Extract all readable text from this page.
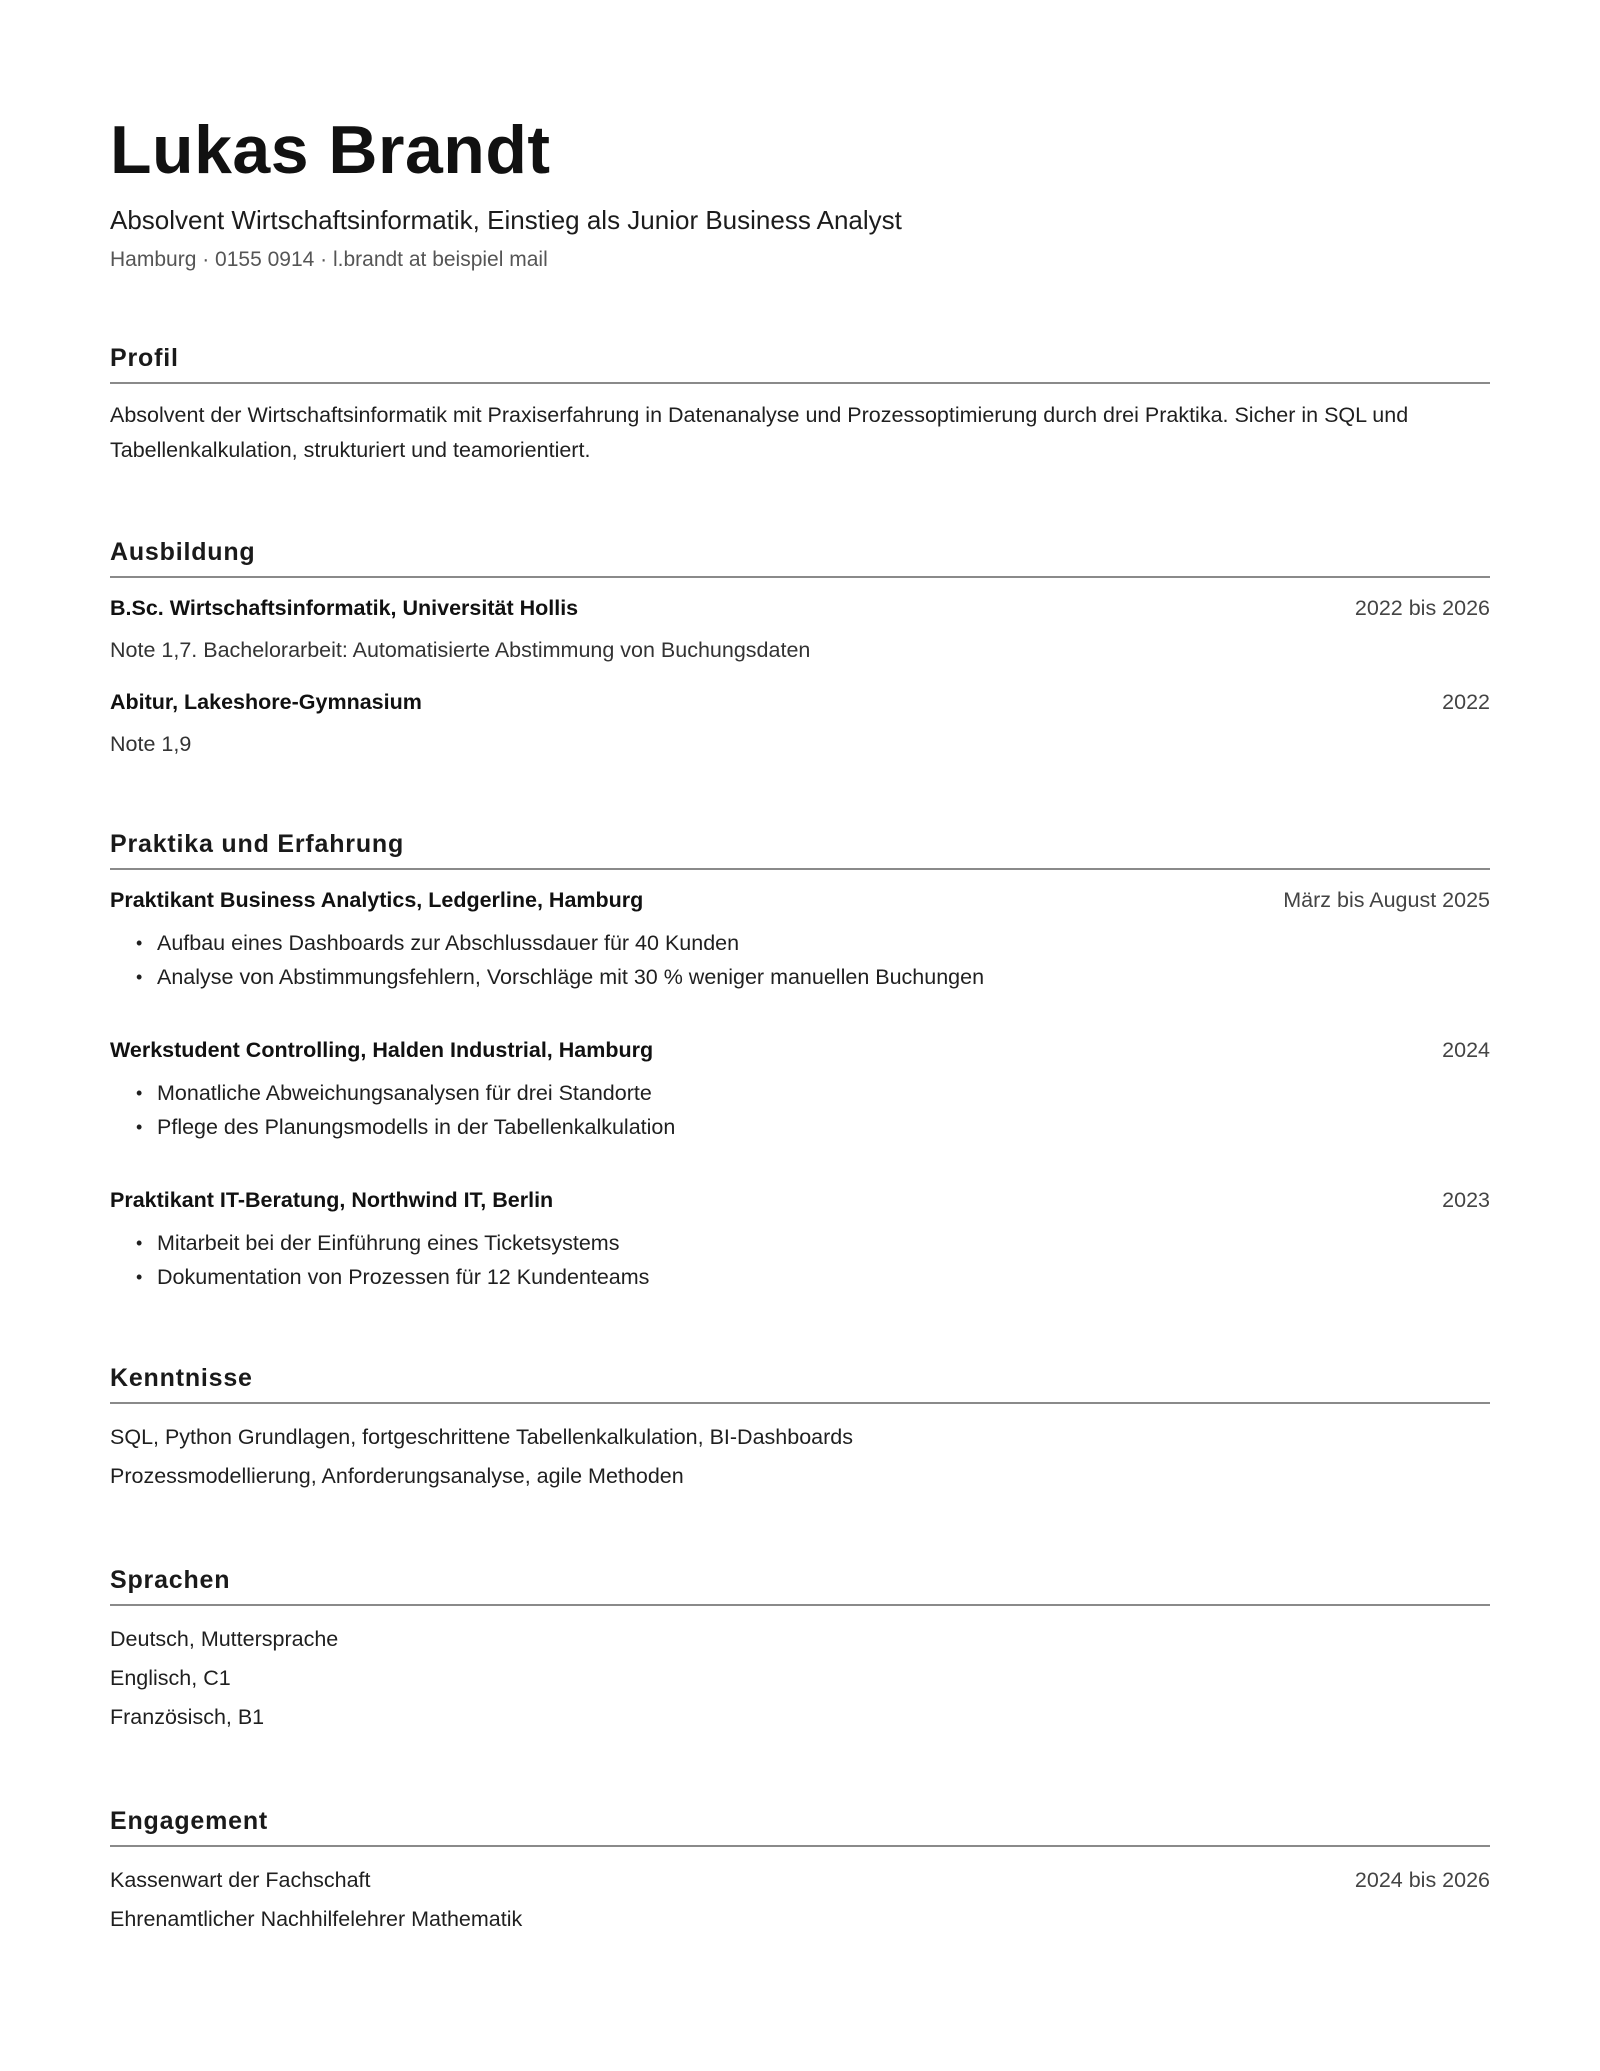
Lukas Brandt
Absolvent Wirtschaftsinformatik, Einstieg als Junior Business Analyst
Hamburg · 0155 0914 · l.brandt at beispiel mail
Profil
Absolvent der Wirtschaftsinformatik mit Praxiserfahrung in Datenanalyse und Prozessoptimierung durch drei Praktika. Sicher in SQL und Tabellenkalkulation, strukturiert und teamorientiert.
Ausbildung
B.Sc. Wirtschaftsinformatik, Universität Hollis	2022 bis 2026
Note 1,7. Bachelorarbeit: Automatisierte Abstimmung von Buchungsdaten
Abitur, Lakeshore-Gymnasium	2022
Note 1,9
Praktika und Erfahrung
Praktikant Business Analytics, Ledgerline, Hamburg	März bis August 2025
• Aufbau eines Dashboards zur Abschlussdauer für 40 Kunden
• Analyse von Abstimmungsfehlern, Vorschläge mit 30 % weniger manuellen Buchungen
Werkstudent Controlling, Halden Industrial, Hamburg	2024
• Monatliche Abweichungsanalysen für drei Standorte
• Pflege des Planungsmodells in der Tabellenkalkulation
Praktikant IT-Beratung, Northwind IT, Berlin	2023
• Mitarbeit bei der Einführung eines Ticketsystems
• Dokumentation von Prozessen für 12 Kundenteams
Kenntnisse
SQL, Python Grundlagen, fortgeschrittene Tabellenkalkulation, BI-Dashboards
Prozessmodellierung, Anforderungsanalyse, agile Methoden
Sprachen
Deutsch, Muttersprache
Englisch, C1
Französisch, B1
Engagement
Kassenwart der Fachschaft	2024 bis 2026
Ehrenamtlicher Nachhilfelehrer Mathematik
